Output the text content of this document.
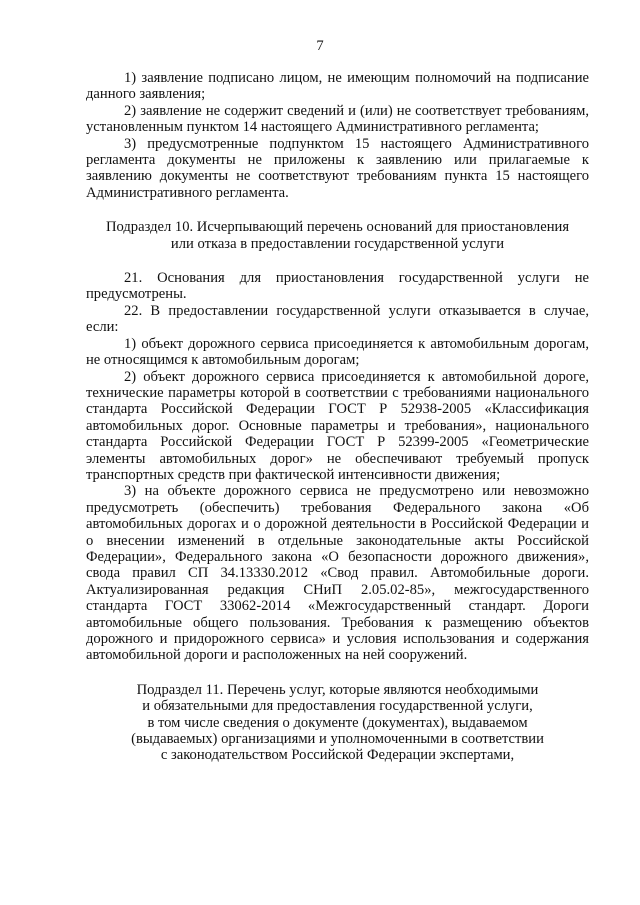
7

1) заявление подписано лицом, не имеющим полномочий на подписание данного заявления;

2) заявление не содержит сведений и (или) не соответствует требованиям, установленным пунктом 14 настоящего Административного регламента;

3) предусмотренные подпунктом 15 настоящего Административного регламента документы не приложены к заявлению или прилагаемые к заявлению документы не соответствуют требованиям пункта 15 настоящего Административного регламента.

Подраздел 10. Исчерпывающий перечень оснований для приостановления
или отказа в предоставлении государственной услуги

21. Основания для приостановления государственной услуги не предусмотрены.

22. В предоставлении государственной услуги отказывается в случае, если:

1) объект дорожного сервиса присоединяется к автомобильным дорогам, не относящимся к автомобильным дорогам;

2) объект дорожного сервиса присоединяется к автомобильной дороге, технические параметры которой в соответствии с требованиями национального стандарта Российской Федерации ГОСТ Р 52938-2005 «Классификация автомобильных дорог. Основные параметры и требования», национального стандарта Российской Федерации ГОСТ Р 52399-2005 «Геометрические элементы автомобильных дорог» не обеспечивают требуемый пропуск транспортных средств при фактической интенсивности движения;

3) на объекте дорожного сервиса не предусмотрено или невозможно предусмотреть (обеспечить) требования Федерального закона «Об автомобильных дорогах и о дорожной деятельности в Российской Федерации и о внесении изменений в отдельные законодательные акты Российской Федерации», Федерального закона «О безопасности дорожного движения», свода правил СП 34.13330.2012 «Свод правил. Автомобильные дороги. Актуализированная редакция СНиП 2.05.02-85», межгосударственного стандарта ГОСТ 33062-2014 «Межгосударственный стандарт. Дороги автомобильные общего пользования. Требования к размещению объектов дорожного и придорожного сервиса» и условия использования и содержания автомобильной дороги и расположенных на ней сооружений.

Подраздел 11. Перечень услуг, которые являются необходимыми
и обязательными для предоставления государственной услуги,
в том числе сведения о документе (документах), выдаваемом
(выдаваемых) организациями и уполномоченными в соответствии
с законодательством Российской Федерации экспертами,
